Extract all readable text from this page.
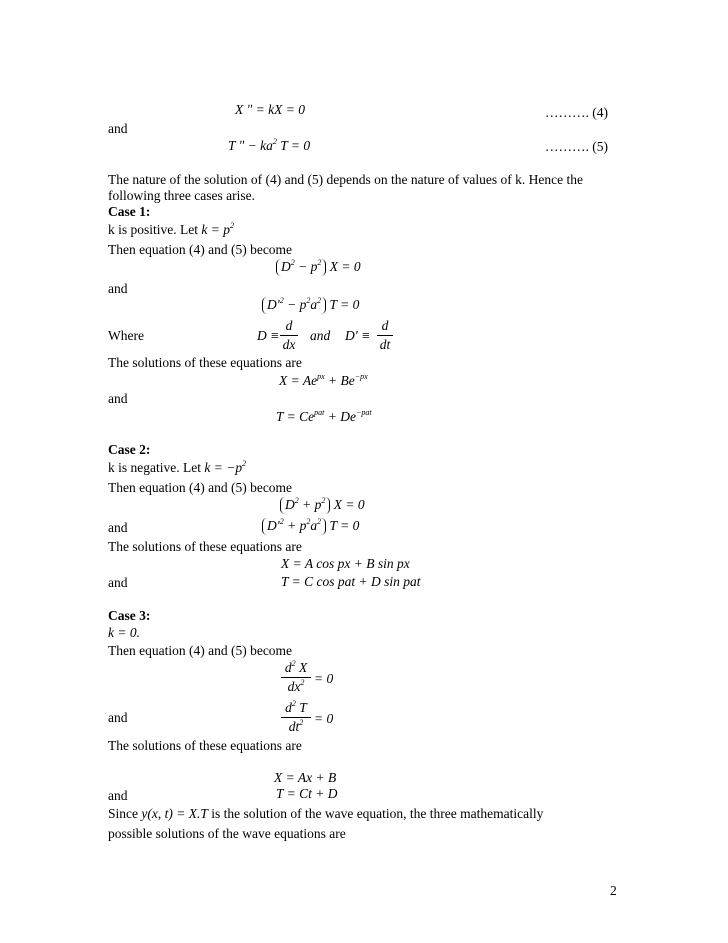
X ʺ = kX = 0	………. (4)
and
T ʺ − $ka^2$ T = 0	………. (5)
The nature of the solution of (4) and (5) depends on the nature of values of k. Hence the
following three cases arise.
Case 1:
k is positive. Let $k = p^2$
Then equation (4) and (5) become
$D^2 - p^2$ X = 0
and
$D'^2 - p^2a^2$ T = 0
Where	D ≡
d
dx
and D′ ≡
d
dt
The solutions of these equations are
$X = Ae^{px} + Be^{-px}$
and
$T = Ce^{pat} + De^{-pat}$
Case 2:
k is negative. Let $k = -p^2$
Then equation (4) and (5) become
$D^2 + p^2$ X = 0
and	$D'^2 + p^2a^2$ T = 0
The solutions of these equations are
X = A cos px + B sin px
and	T = C cos pat + D sin pat
Case 3:
k = 0.
Then equation (4) and (5) become
$d^2$ X
$dx^2 = 0$
and
$d^2$ T
$dt^2 = 0$
The solutions of these equations are
X = Ax + B
and	T = Ct + D
Since y(x, t) = X.T is the solution of the wave equation, the three mathematically
possible solutions of the wave equations are
2
